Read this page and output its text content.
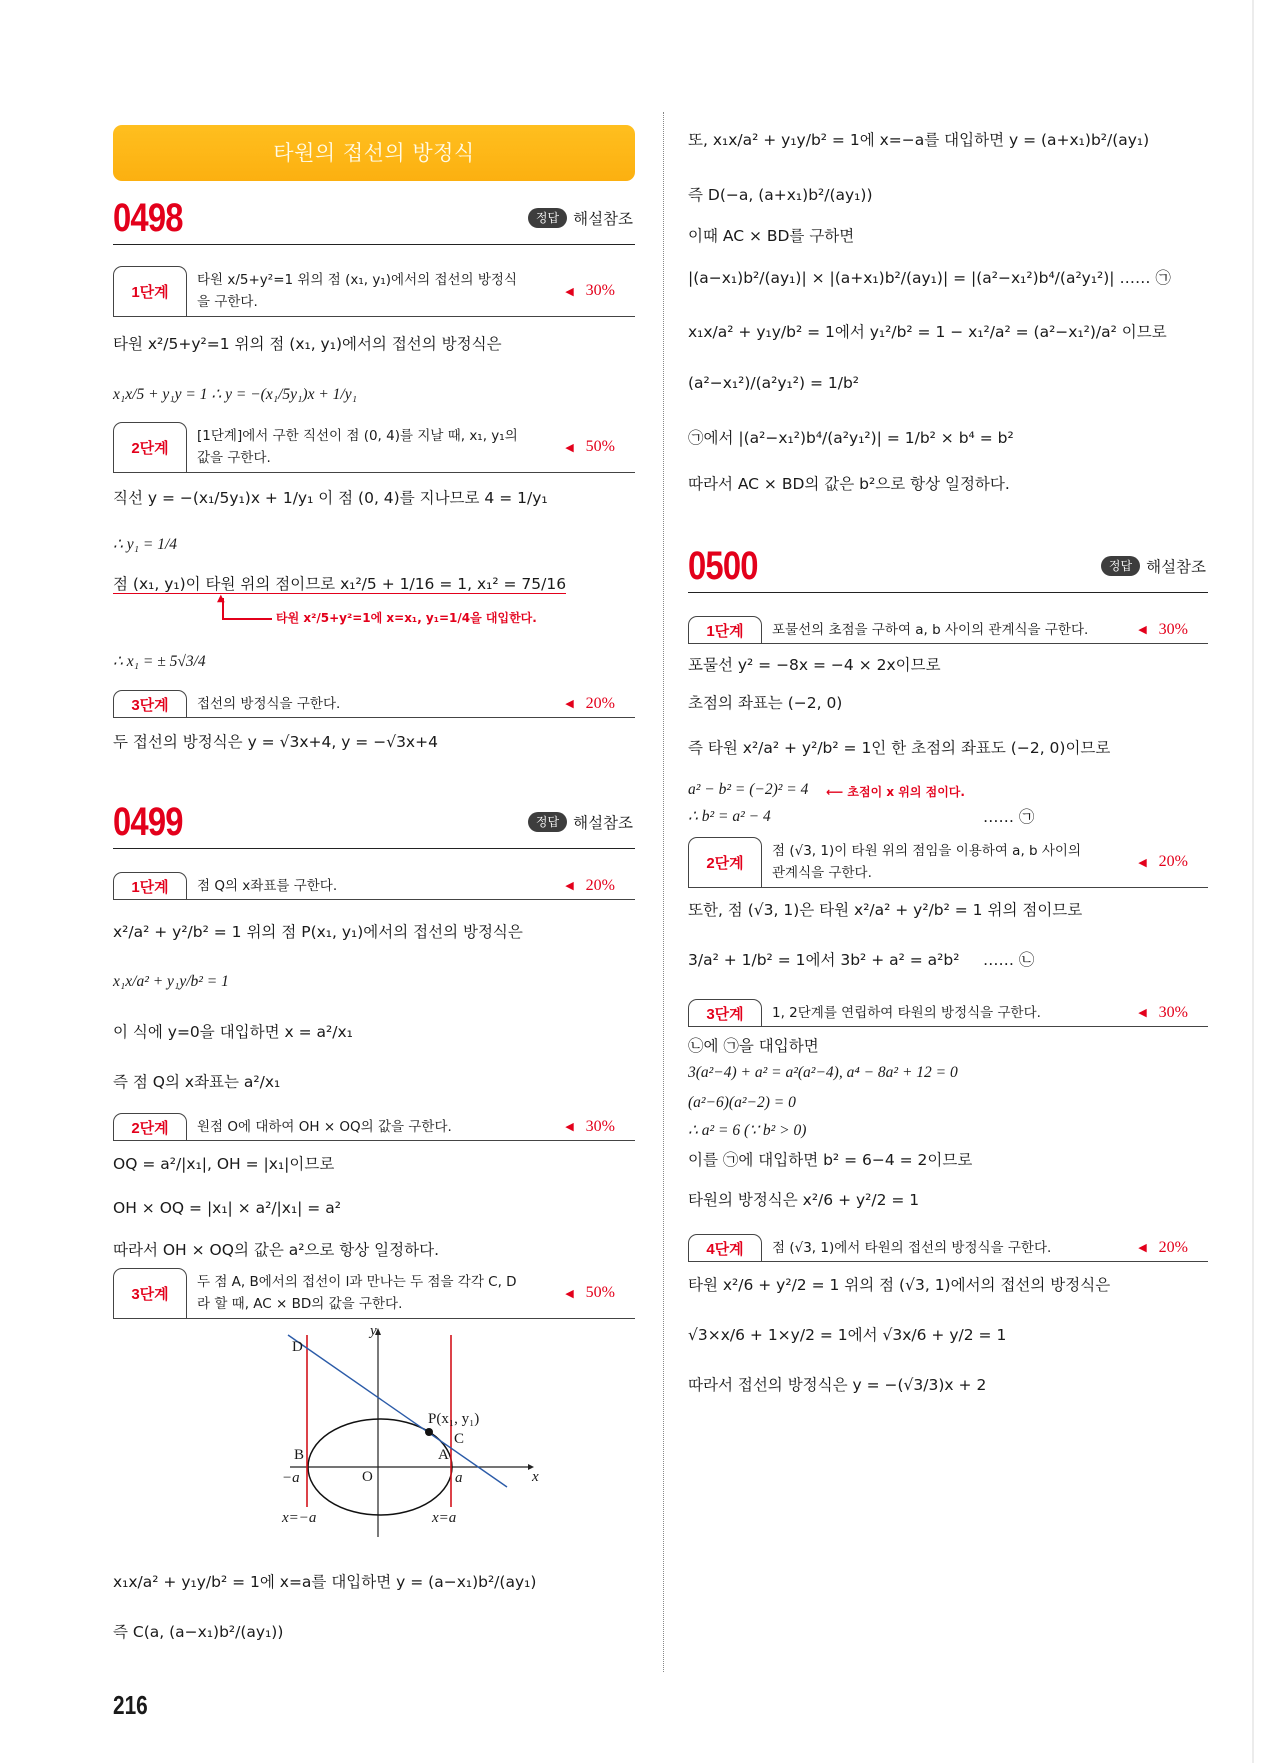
타원의 접선의 방정식
0498	정답 해설참조
1단계
타원 x/5+y²=1 위의 점 (x₁, y₁)에서의 접선의 방정식을 구한다.
◀ 30%
타원 x²/5+y²=1 위의 점 (x₁, y₁)에서의 접선의 방정식은
x₁x/5 + y₁y = 1 ∴ y = −(x₁/5y₁)x + 1/y₁
2단계
[1단계]에서 구한 직선이 점 (0, 4)를 지날 때, x₁, y₁의 값을 구한다.
◀ 50%
직선 y = −(x₁/5y₁)x + 1/y₁ 이 점 (0, 4)를 지나므로 4 = 1/y₁
∴ y₁ = 1/4
점 (x₁, y₁)이 타원 위의 점이므로 x₁²/5 + 1/16 = 1, x₁² = 75/16
▲
타원 x²/5+y²=1에 x=x₁, y₁=1/4을 대입한다.
∴ x₁ = ± 5√3/4
3단계	접선의 방정식을 구한다.	◀ 20%
두 접선의 방정식은 y = √3x+4, y = −√3x+4
0499	정답 해설참조
1단계	점 Q의 x좌표를 구한다.	◀ 20%
x²/a² + y²/b² = 1 위의 점 P(x₁, y₁)에서의 접선의 방정식은
x₁x/a² + y₁y/b² = 1
이 식에 y=0을 대입하면 x = a²/x₁
즉 점 Q의 x좌표는 a²/x₁
2단계	원점 O에 대하여 OH × OQ의 값을 구한다.	◀ 30%
OQ = a²/|x₁|, OH = |x₁|이므로
OH × OQ = |x₁| × a²/|x₁| = a²
따라서 OH × OQ의 값은 a²으로 항상 일정하다.
3단계
두 점 A, B에서의 접선이 l과 만나는 두 점을 각각 C, D라 할 때, AC × BD의 값을 구한다.
◀ 50%
y
x
D
B	A
C
P(x₁, y₁)
O
−a	a
x=−a	x=a
x₁x/a² + y₁y/b² = 1에 x=a를 대입하면 y = (a−x₁)b²/(ay₁)
즉 C(a, (a−x₁)b²/(ay₁))
216
또, x₁x/a² + y₁y/b² = 1에 x=−a를 대입하면 y = (a+x₁)b²/(ay₁)
즉 D(−a, (a+x₁)b²/(ay₁))
이때 AC × BD를 구하면
|(a−x₁)b²/(ay₁)| × |(a+x₁)b²/(ay₁)| = |(a²−x₁²)b⁴/(a²y₁²)| …… ㉠
x₁x/a² + y₁y/b² = 1에서 y₁²/b² = 1 − x₁²/a² = (a²−x₁²)/a² 이므로
(a²−x₁²)/(a²y₁²) = 1/b²
㉠에서 |(a²−x₁²)b⁴/(a²y₁²)| = 1/b² × b⁴ = b²
따라서 AC × BD의 값은 b²으로 항상 일정하다.
0500	정답 해설참조
1단계	포물선의 초점을 구하여 a, b 사이의 관계식을 구한다.	◀ 30%
포물선 y² = −8x = −4 × 2x이므로
초점의 좌표는 (−2, 0)
즉 타원 x²/a² + y²/b² = 1인 한 초점의 좌표도 (−2, 0)이므로
a² − b² = (−2)² = 4 ⟵ 초점이 x 위의 점이다.
∴ b² = a² − 4	…… ㉠
2단계
점 (√3, 1)이 타원 위의 점임을 이용하여 a, b 사이의 관계식을 구한다.
◀ 20%
또한, 점 (√3, 1)은 타원 x²/a² + y²/b² = 1 위의 점이므로
3/a² + 1/b² = 1에서 3b² + a² = a²b² …… ㉡
3단계	1, 2단계를 연립하여 타원의 방정식을 구한다.	◀ 30%
㉡에 ㉠을 대입하면
3(a²−4) + a² = a²(a²−4), a⁴ − 8a² + 12 = 0
(a²−6)(a²−2) = 0
∴ a² = 6 (∵ b² > 0)
이를 ㉠에 대입하면 b² = 6−4 = 2이므로
타원의 방정식은 x²/6 + y²/2 = 1
4단계	점 (√3, 1)에서 타원의 접선의 방정식을 구한다.	◀ 20%
타원 x²/6 + y²/2 = 1 위의 점 (√3, 1)에서의 접선의 방정식은
√3×x/6 + 1×y/2 = 1에서 √3x/6 + y/2 = 1
따라서 접선의 방정식은 y = −(√3/3)x + 2
